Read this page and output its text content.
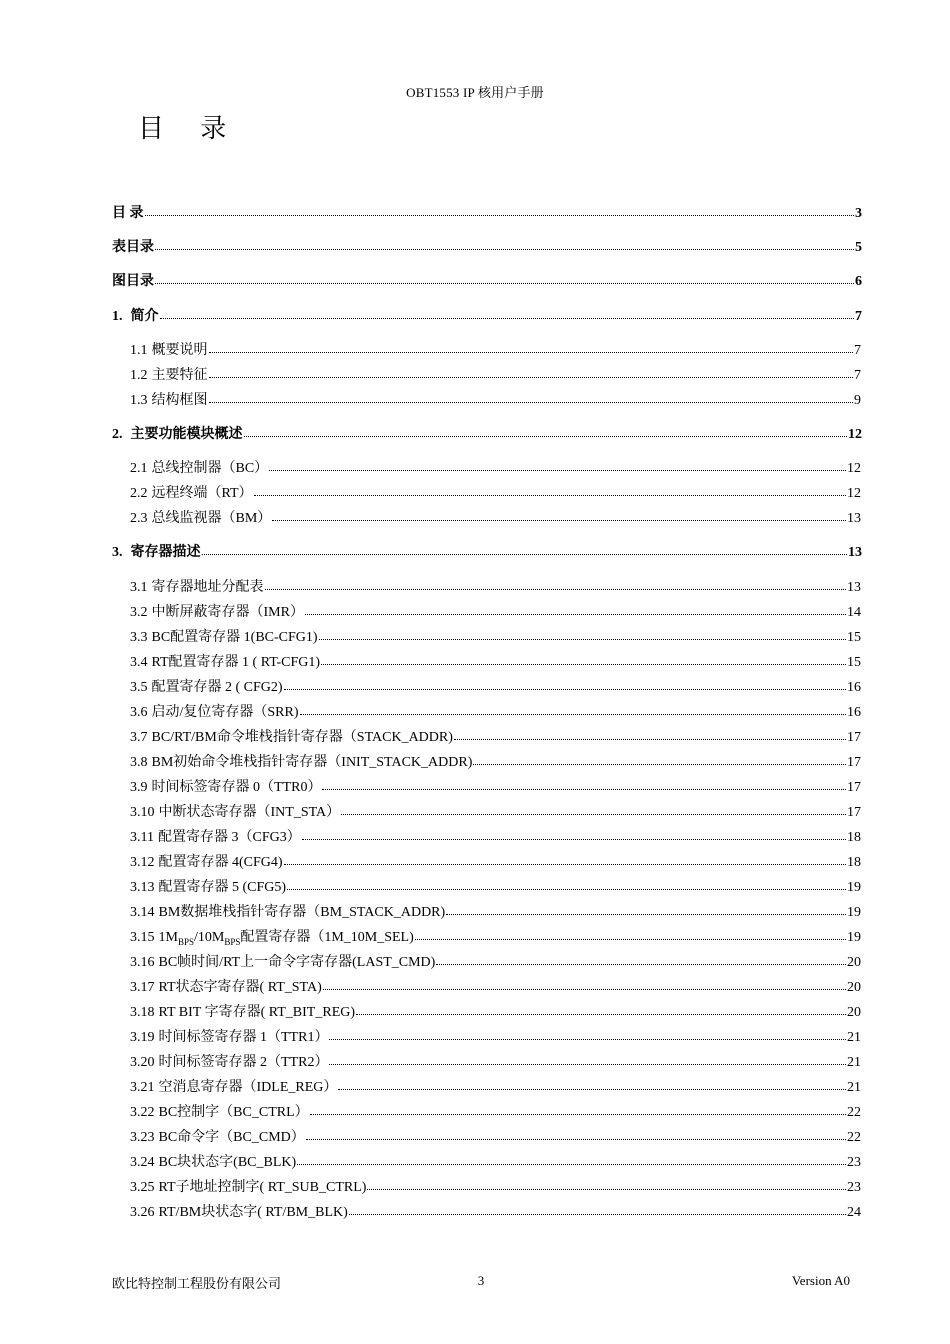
OBT1553 IP 核用户手册
目 录
目 录	3
表目录	5
图目录	6
1. 简介	7
1.1 概要说明	7
1.2 主要特征	7
1.3 结构框图	9
2. 主要功能模块概述	12
2.1 总线控制器（BC）	12
2.2 远程终端（RT）	12
2.3 总线监视器（BM）	13
3. 寄存器描述	13
3.1 寄存器地址分配表	13
3.2 中断屏蔽寄存器（IMR）	14
3.3 BC配置寄存器 1(BC-CFG1)	15
3.4 RT配置寄存器 1 ( RT-CFG1)	15
3.5 配置寄存器 2 ( CFG2)	16
3.6 启动/复位寄存器（SRR)	16
3.7 BC/RT/BM命令堆栈指针寄存器（STACK_ADDR)	17
3.8 BM初始命令堆栈指针寄存器（INIT_STACK_ADDR)	17
3.9 时间标签寄存器 0（TTR0）	17
3.10 中断状态寄存器（INT_STA）	17
3.11 配置寄存器 3（CFG3）	18
3.12 配置寄存器 4(CFG4)	18
3.13 配置寄存器 5 (CFG5)	19
3.14 BM数据堆栈指针寄存器（BM_STACK_ADDR)	19
3.15 $1M_{BPS}/10M_{BPS}$配置寄存器（1M_10M_SEL)	19
3.16 BC帧时间/RT上一命令字寄存器(LAST_CMD)	20
3.17 RT状态字寄存器( RT_STA)	20
3.18 RT BIT 字寄存器( RT_BIT_REG)	20
3.19 时间标签寄存器 1（TTR1）	21
3.20 时间标签寄存器 2（TTR2）	21
3.21 空消息寄存器（IDLE_REG）	21
3.22 BC控制字（BC_CTRL）	22
3.23 BC命令字（BC_CMD）	22
3.24 BC块状态字(BC_BLK)	23
3.25 RT子地址控制字( RT_SUB_CTRL)	23
3.26 RT/BM块状态字( RT/BM_BLK)	24
欧比特控制工程股份有限公司	3	Version A0
